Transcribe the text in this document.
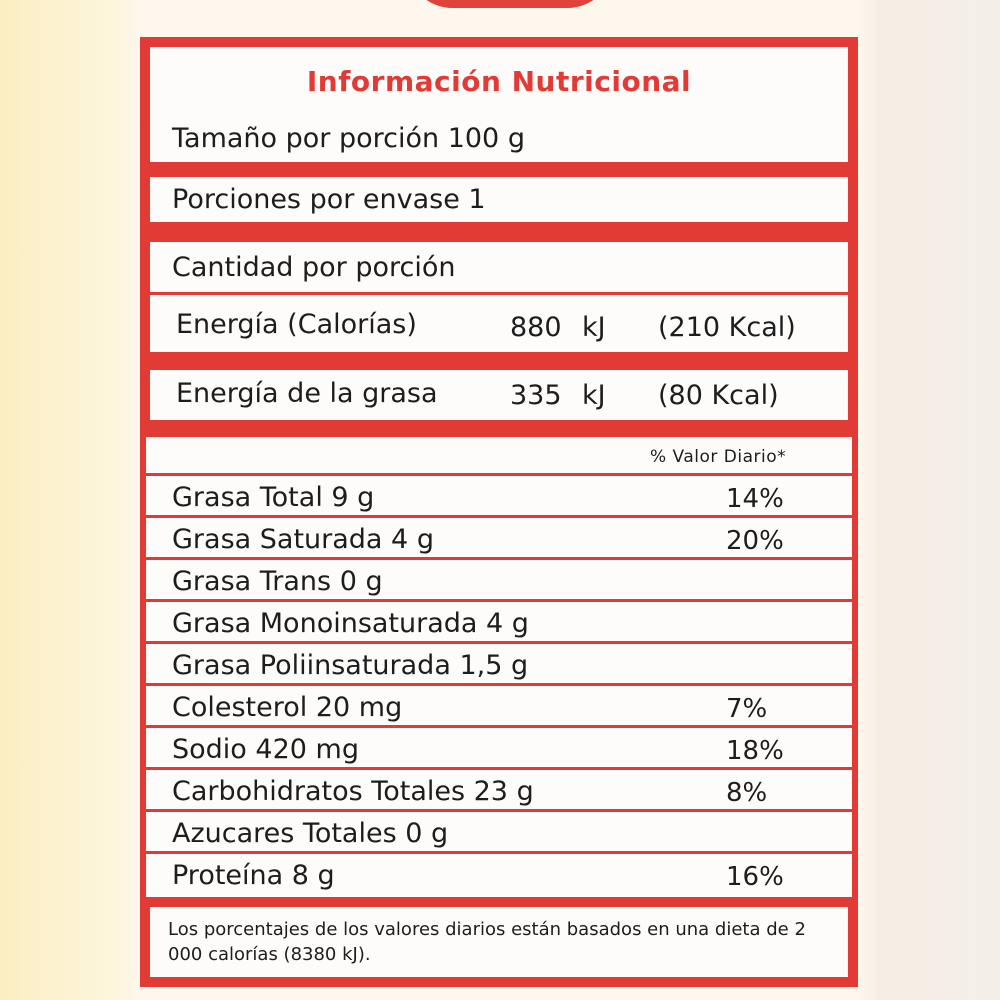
Información Nutricional
Tamaño por porción 100 g
Porciones por envase 1
Cantidad por porción
Energía (Calorías)	880 kJ (210 Kcal)
Energía de la grasa	335 kJ (80 Kcal)
% Valor Diario*
Grasa Total 9 g	14%
Grasa Saturada 4 g	20%
Grasa Trans 0 g
Grasa Monoinsaturada 4 g
Grasa Poliinsaturada 1,5 g
Colesterol 20 mg	7%
Sodio 420 mg	18%
Carbohidratos Totales 23 g	8%
Azucares Totales 0 g
Proteína 8 g	16%
Los porcentajes de los valores diarios están basados en una dieta de 2 000 calorías (8380 kJ).
